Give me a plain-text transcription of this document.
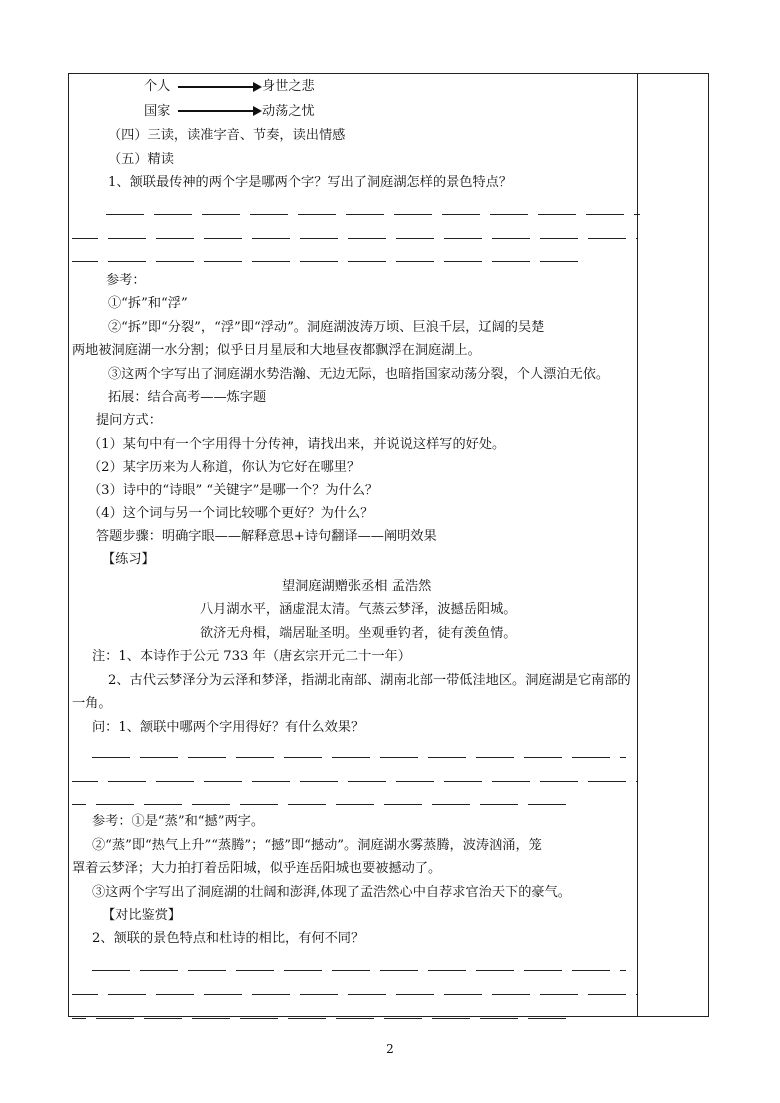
个人	身世之悲
国家	动荡之忧
（四）三读，读准字音、节奏，读出情感
（五）精读
1、颔联最传神的两个字是哪两个字？写出了洞庭湖怎样的景色特点？
参考：
①“拆”和“浮”
②“拆”即“分裂”，“浮”即“浮动”。洞庭湖波涛万顷、巨浪千层，辽阔的吴楚
两地被洞庭湖一水分割；似乎日月星辰和大地昼夜都飘浮在洞庭湖上。
③这两个字写出了洞庭湖水势浩瀚、无边无际，也暗指国家动荡分裂，个人漂泊无依。
拓展：结合高考——炼字题
提问方式：
（1）某句中有一个字用得十分传神，请找出来，并说说这样写的好处。
（2）某字历来为人称道，你认为它好在哪里？
（3）诗中的“诗眼” “关键字”是哪一个？为什么？
（4）这个词与另一个词比较哪个更好？为什么？
答题步骤：明确字眼——解释意思+诗句翻译——阐明效果
【练习】
望洞庭湖赠张丞相 孟浩然
八月湖水平，涵虚混太清。气蒸云梦泽，波撼岳阳城。
欲济无舟楫，端居耻圣明。坐观垂钓者，徒有羡鱼情。
注：1、本诗作于公元 733 年（唐玄宗开元二十一年）
2、古代云梦泽分为云泽和梦泽，指湖北南部、湖南北部一带低洼地区。洞庭湖是它南部的
一角。
问：1、颔联中哪两个字用得好？有什么效果？
参考：①是“蒸”和“撼”两字。
②“蒸”即“热气上升”“蒸腾”；“撼”即“撼动”。洞庭湖水雾蒸腾，波涛汹涌，笼
罩着云梦泽；大力拍打着岳阳城，似乎连岳阳城也要被撼动了。
③这两个字写出了洞庭湖的壮阔和澎湃,体现了孟浩然心中自荐求官治天下的豪气。
【对比鉴赏】
2、颔联的景色特点和杜诗的相比，有何不同？
2
